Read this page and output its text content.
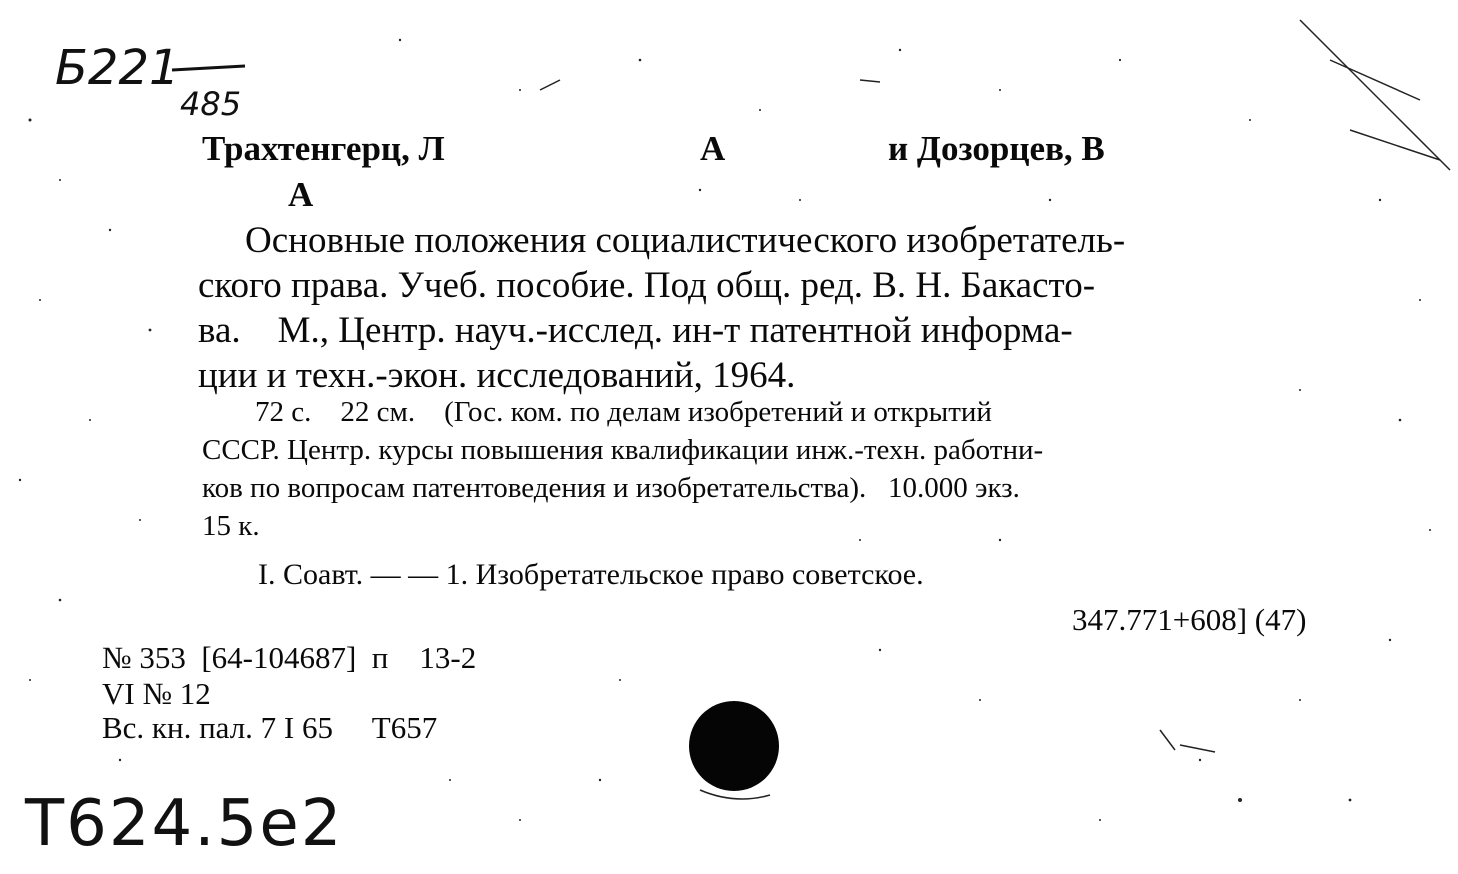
Б221
485
Т624.5е2
Трахтенгерц, Л	А	и Дозорцев, В
А
Основные положения социалистического изобретатель-
ского права. Учеб. пособие. Под общ. ред. В. Н. Бакасто-
ва.    М., Центр. науч.-исслед. ин-т патентной информа-
ции и техн.-экон. исследований, 1964.
72 с.    22 см.    (Гос. ком. по делам изобретений и открытий
СССР. Центр. курсы повышения квалификации инж.-техн. работни-
ков по вопросам патентоведения и изобретательства).   10.000 экз.
15 к.
I. Соавт. — — 1. Изобретательское право советское.
347.771+608] (47)
№ 353  [64-104687]  п    13-2
VI № 12
Вс. кн. пал. 7 I 65     Т657
